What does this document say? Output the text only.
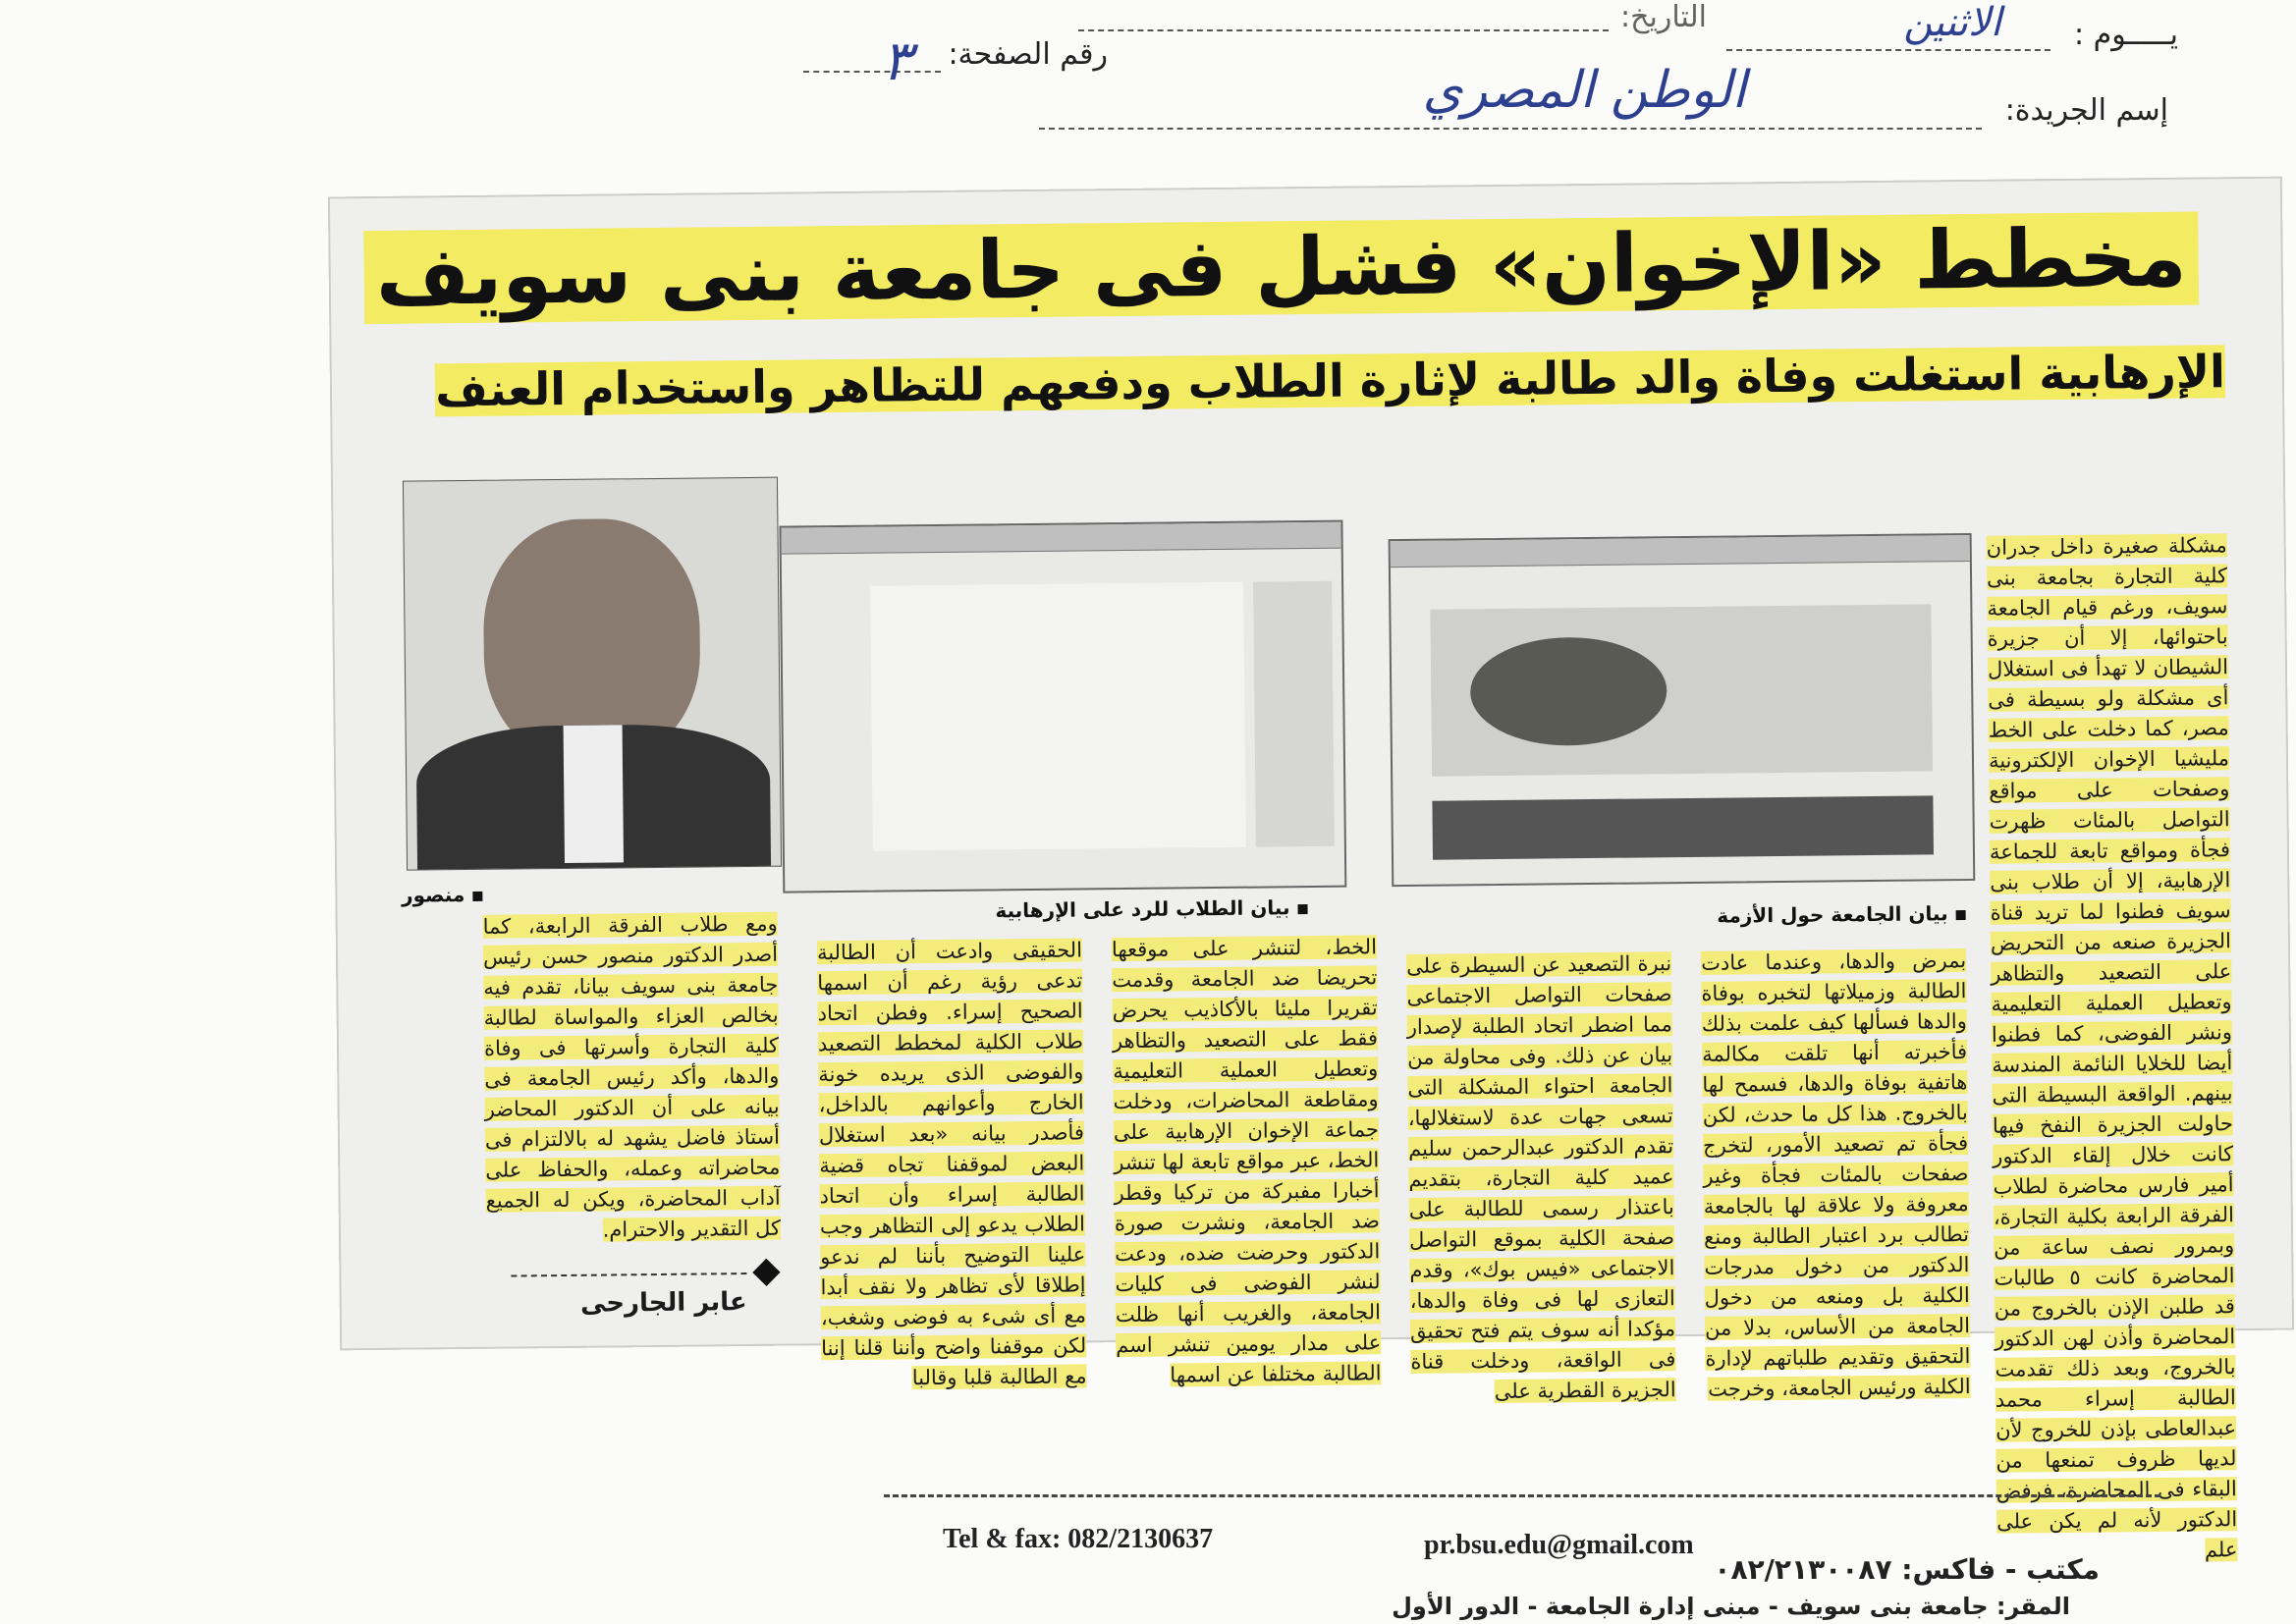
يـــــوم :
الاثنين
التاريخ:
رقم الصفحة:
٣
إسم الجريدة:
الوطن المصري
مخطط «الإخوان» فشل فى جامعة بنى سويف
الإرهابية استغلت وفاة والد طالبة لإثارة الطلاب ودفعهم للتظاهر واستخدام العنف
بيان الجامعة حول الأزمة
بيان الطلاب للرد على الإرهابية
منصور
مشكلة صغيرة داخل جدران كلية التجارة بجامعة بنى سويف، ورغم قيام الجامعة باحتوائها، إلا أن جزيرة الشيطان لا تهدأ فى استغلال أى مشكلة ولو بسيطة فى مصر، كما دخلت على الخط مليشيا الإخوان الإلكترونية وصفحات على مواقع التواصل بالمئات ظهرت فجأة ومواقع تابعة للجماعة الإرهابية، إلا أن طلاب بنى سويف فطنوا لما تريد قناة الجزيرة صنعه من التحريض على التصعيد والتظاهر وتعطيل العملية التعليمية ونشر الفوضى، كما فطنوا أيضا للخلايا النائمة المندسة بينهم. الواقعة البسيطة التى حاولت الجزيرة النفخ فيها كانت خلال إلقاء الدكتور أمير فارس محاضرة لطلاب الفرقة الرابعة بكلية التجارة، وبمرور نصف ساعة من المحاضرة كانت ٥ طالبات قد طلبن الإذن بالخروج من المحاضرة وأذن لهن الدكتور بالخروج، وبعد ذلك تقدمت الطالبة إسراء محمد عبدالعاطى بإذن للخروج لأن لديها ظروف تمنعها من البقاء فى المحاضرة، فرفض الدكتور لأنه لم يكن على علم
بمرض والدها، وعندما عادت الطالبة وزميلاتها لتخبره بوفاة والدها فسألها كيف علمت بذلك فأخبرته أنها تلقت مكالمة هاتفية بوفاة والدها، فسمح لها بالخروج. هذا كل ما حدث، لكن فجأة تم تصعيد الأمور، لتخرج صفحات بالمئات فجأة وغير معروفة ولا علاقة لها بالجامعة تطالب برد اعتبار الطالبة ومنع الدكتور من دخول مدرجات الكلية بل ومنعه من دخول الجامعة من الأساس، بدلا من التحقيق وتقديم طلباتهم لإدارة الكلية ورئيس الجامعة، وخرجت
نبرة التصعيد عن السيطرة على صفحات التواصل الاجتماعى مما اضطر اتحاد الطلبة لإصدار بيان عن ذلك. وفى محاولة من الجامعة احتواء المشكلة التى تسعى جهات عدة لاستغلالها، تقدم الدكتور عبدالرحمن سليم عميد كلية التجارة، بتقديم باعتذار رسمى للطالبة على صفحة الكلية بموقع التواصل الاجتماعى «فيس بوك»، وقدم التعازى لها فى وفاة والدها، مؤكدا أنه سوف يتم فتح تحقيق فى الواقعة، ودخلت قناة الجزيرة القطرية على
الخط، لتنشر على موقعها تحريضا ضد الجامعة وقدمت تقريرا مليئا بالأكاذيب يحرض فقط على التصعيد والتظاهر وتعطيل العملية التعليمية ومقاطعة المحاضرات، ودخلت جماعة الإخوان الإرهابية على الخط، عبر مواقع تابعة لها تنشر أخبارا مفبركة من تركيا وقطر ضد الجامعة، ونشرت صورة الدكتور وحرضت ضده، ودعت لنشر الفوضى فى كليات الجامعة، والغريب أنها ظلت على مدار يومين تنشر اسم الطالبة مختلفا عن اسمها
الحقيقى وادعت أن الطالبة تدعى رؤية رغم أن اسمها الصحيح إسراء. وفطن اتحاد طلاب الكلية لمخطط التصعيد والفوضى الذى يريده خونة الخارج وأعوانهم بالداخل، فأصدر بيانه «بعد استغلال البعض لموقفنا تجاه قضية الطالبة إسراء وأن اتحاد الطلاب يدعو إلى التظاهر وجب علينا التوضيح بأننا لم ندعو إطلاقا لأى تظاهر ولا نقف أبدا مع أى شىء به فوضى وشغب، لكن موقفنا واضح وأننا قلنا إننا مع الطالبة قلبا وقالبا
ومع طلاب الفرقة الرابعة، كما أصدر الدكتور منصور حسن رئيس جامعة بنى سويف بيانا، تقدم فيه بخالص العزاء والمواساة لطالبة كلية التجارة وأسرتها فى وفاة والدها، وأكد رئيس الجامعة فى بيانه على أن الدكتور المحاضر أستاذ فاضل يشهد له بالالتزام فى محاضراته وعمله، والحفاظ على آداب المحاضرة، ويكن له الجميع كل التقدير والاحترام.
عابر الجارحى
Tel & fax: 082/2130637	pr.bsu.edu@gmail.com
مكتب - فاكس: ٠٨٢/٢١٣٠٠٨٧
المقر: جامعة بنى سويف - مبنى إدارة الجامعة - الدور الأول
